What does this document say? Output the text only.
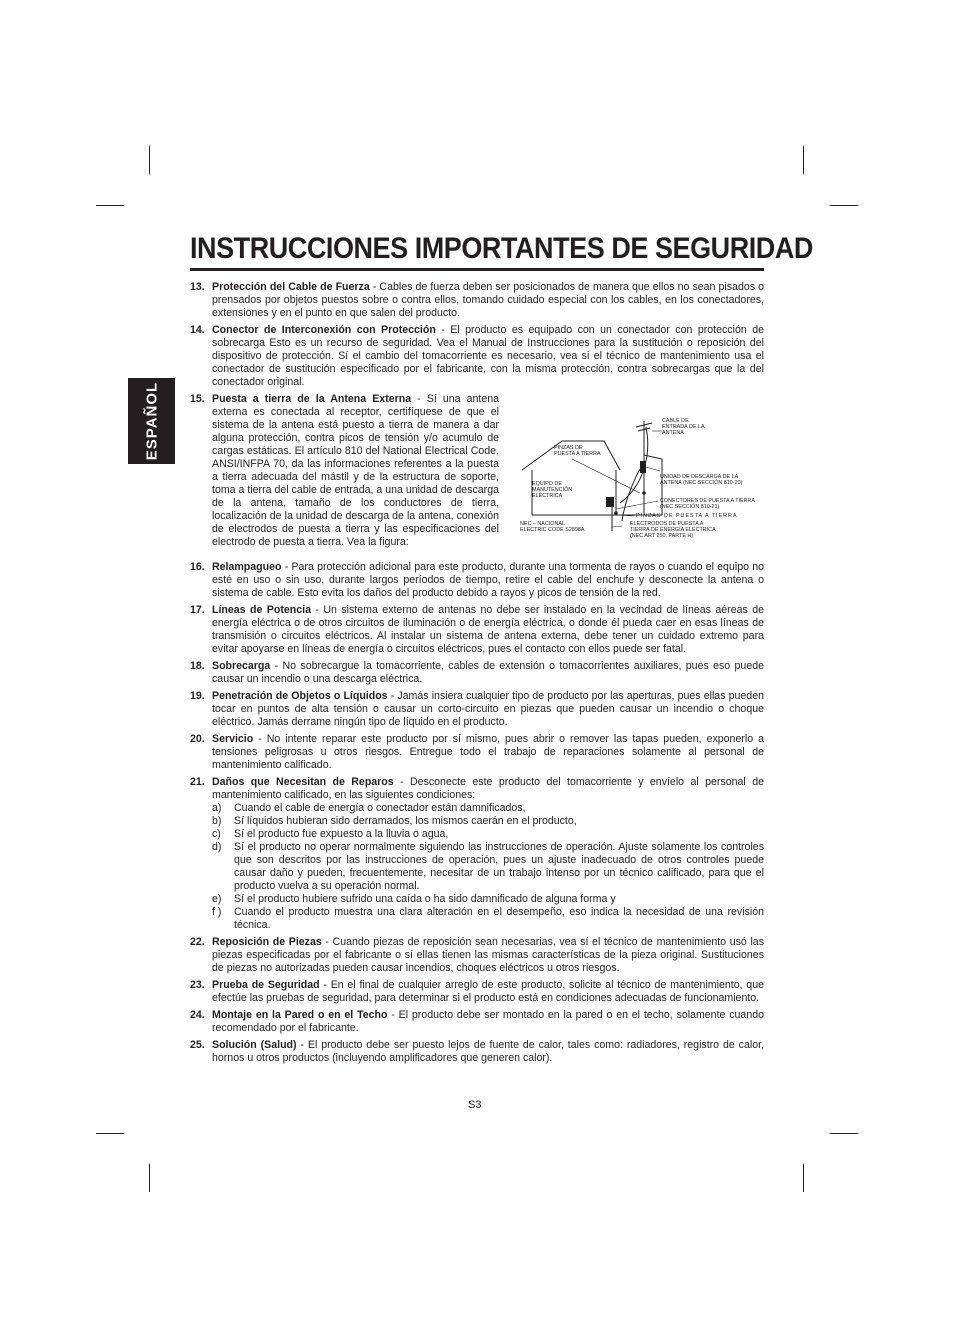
INSTRUCCIONES IMPORTANTES DE SEGURIDAD
ESPAÑOL
13. Protección del Cable de Fuerza - Cables de fuerza deben ser posicionados de manera que ellos no sean pisados o prensados por objetos puestos sobre o contra ellos, tomando cuidado especial con los cables, en los conectadores, extensiones y en el punto en que salen del producto.
14. Conector de Interconexión con Protección - El producto es equipado con un conectador con protección de sobrecarga Esto es un recurso de seguridad. Vea el Manual de Instrucciones para la sustitución o reposición del dispositivo de protección. Sí el cambio del tomacorriente es necesario, vea si el técnico de mantenimiento usa el conectador de sustitución especificado por el fabricante, con la misma protección, contra sobrecargas que la del conectador original.
15. Puesta a tierra de la Antena Externa - Sí una antena externa es conectada al receptor, certifíquese de que el sistema de la antena está puesto a tierra de manera a dar alguna protección, contra picos de tensión y/o acumulo de cargas estáticas. El artículo 810 del National Electrical Code, ANSI/INFPA 70, da las informaciones referentes a la puesta a tierra adecuada del mástil y de la estructura de soporte, toma a tierra del cable de entrada, a una unidad de descarga de la antena, tamaño de los conductores de tierra, localización de la unidad de descarga de la antena, conexión de electrodos de puesta a tierra y las especificaciones del electrodo de puesta a tierra. Vea la figura:
CABLE DE
ENTRADA DE LA
ANTENA
PINZAS DE
PUESTA A TIERRA
UNIDAD DE DESCARGA DE LA
ANTENA (NEC SECCIÓN 810-20)
EQUIPO DE
MANUTENCIÓN
ELÉCTRICA
CONECTORES DE PUESTA A TIERRA
(NEC SECCIÓN 810-21)
PINZAS DE PUESTA A TIERRA
NEC – NACIONAL
ELECTRIC CODE S2898A
ELECTRODOS DE PUESTA A
TIERRA DE ENERGÍA ELÉCTRICA
(NEC ART 250, PARTE H)
16. Relampagueo - Para protección adicional para este producto, durante una tormenta de rayos o cuando el equipo no esté en uso o sin uso, durante largos períodos de tiempo, retire el cable del enchufe y desconecte la antena o sistema de cable. Esto evita los daños del producto debido a rayos y picos de tensión de la red.
17. Líneas de Potencia - Un sistema externo de antenas no debe ser instalado en la vecindad de líneas aéreas de energía eléctrica o de otros circuitos de iluminación o de energía eléctrica, o donde él pueda caer en esas líneas de transmisión o circuitos eléctricos. Al instalar un sistema de antena externa, debe tener un cuidado extremo para evitar apoyarse en líneas de energía o circuitos eléctricos, pues el contacto con ellos puede ser fatal.
18. Sobrecarga - No sobrecargue la tomacorriente, cables de extensión o tomacorrientes auxiliares, pues eso puede causar un incendio o una descarga eléctrica.
19. Penetración de Objetos o Líquidos - Jamás insiera cualquier tipo de producto por las aperturas, pues ellas pueden tocar en puntos de alta tensión o causar un corto-circuito en piezas que pueden causar un incendio o choque eléctrico. Jamás derrame ningún tipo de líquido en el producto.
20. Servicio - No intente reparar este producto por sí mismo, pues abrir o remover las tapas pueden, exponerlo a tensiones peligrosas u otros riesgos. Entregue todo el trabajo de reparaciones solamente al personal de mantenimiento calificado.
21. Daños que Necesitan de Reparos - Desconecte este producto del tomacorriente y envíelo al personal de mantenimiento calificado, en las siguientes condiciones:
a) Cuando el cable de energía o conectador están damnificados,
b) Sí líquidos hubieran sido derramados, los mismos caerán en el producto,
c) Sí el producto fue expuesto a la lluvia o agua,
d) Sí el producto no operar normalmente siguiendo las instrucciones de operación. Ajuste solamente los controles que son descritos por las instrucciones de operación, pues un ajuste inadecuado de otros controles puede causar daño y pueden, frecuentemente, necesitar de un trabajo intenso por un técnico calificado, para que el producto vuelva a su operación normal.
e) Sí el producto hubiere sufrido una caída o ha sido damnificado de alguna forma y
f ) Cuando el producto muestra una clara alteración en el desempeño, eso indica la necesidad de una revisión técnica.
22. Reposición de Piezas - Cuando piezas de reposición sean necesarias, vea sí el técnico de mantenimiento usó las piezas especificadas por el fabricante o sí ellas tienen las mismas características de la pieza original. Sustituciones de piezas no autorizadas pueden causar incendios, choques eléctricos u otros riesgos.
23. Prueba de Seguridad - En el final de cualquier arreglo de este producto, solicite al técnico de mantenimiento, que efectúe las pruebas de seguridad, para determinar si el producto está en condiciones adecuadas de funcionamiento.
24. Montaje en la Pared o en el Techo - El producto debe ser montado en la pared o en el techo, solamente cuando recomendado por el fabricante.
25. Solución (Salud) - El producto debe ser puesto lejos de fuente de calor, tales como: radiadores, registro de calor, hornos u otros productos (incluyendo amplificadores que generen calor).
S3
